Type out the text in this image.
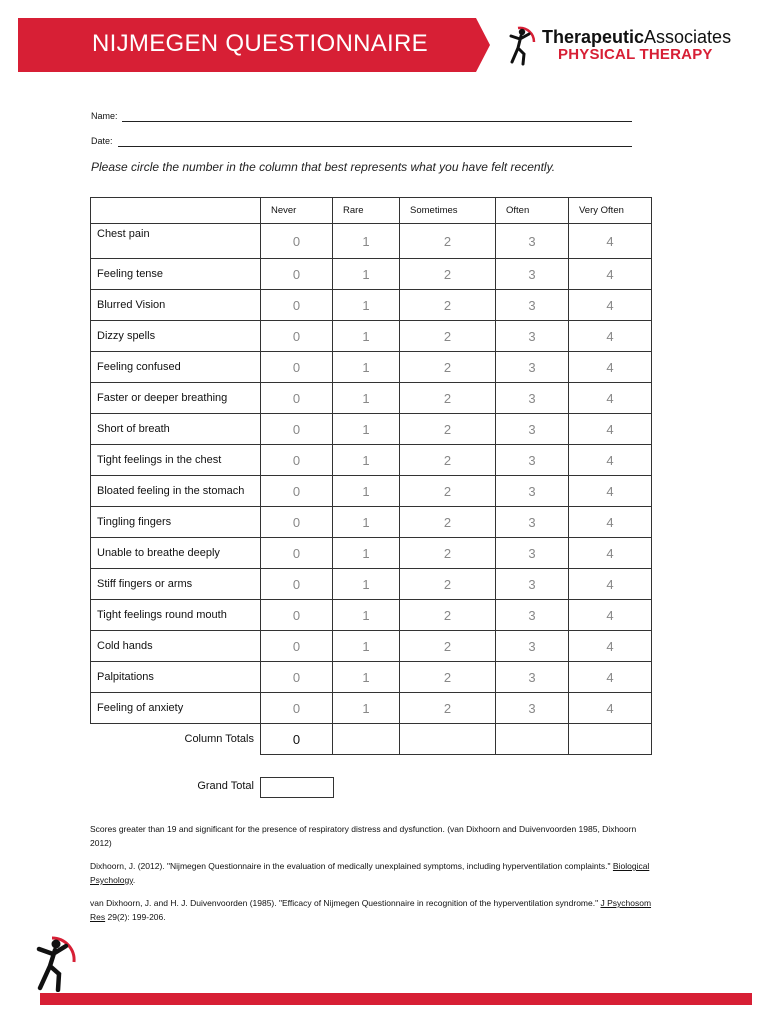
NIJMEGEN QUESTIONNAIRE	TherapeuticAssociates
PHYSICAL THERAPY
Name:
Date:
Please circle the number in the column that best represents what you have felt recently.
	Never	Rare	Sometimes	Often	Very Often
Chest pain	0	1	2	3	4
Feeling tense	0	1	2	3	4
Blurred Vision	0	1	2	3	4
Dizzy spells	0	1	2	3	4
Feeling confused	0	1	2	3	4
Faster or deeper breathing	0	1	2	3	4
Short of breath	0	1	2	3	4
Tight feelings in the chest	0	1	2	3	4
Bloated feeling in the stomach	0	1	2	3	4
Tingling fingers	0	1	2	3	4
Unable to breathe deeply	0	1	2	3	4
Stiff fingers or arms	0	1	2	3	4
Tight feelings round mouth	0	1	2	3	4
Cold hands	0	1	2	3	4
Palpitations	0	1	2	3	4
Feeling of anxiety	0	1	2	3	4
Column Totals	0				
Grand Total

Scores greater than 19 and significant for the presence of respiratory distress and dysfunction. (van Dixhoorn and Duivenvoorden 1985, Dixhoorn 2012)

Dixhoorn, J. (2012). "Nijmegen Questionnaire in the evaluation of medically unexplained symptoms, including hyperventilation complaints." Biological Psychology.

van Dixhoorn, J. and H. J. Duivenvoorden (1985). "Efficacy of Nijmegen Questionnaire in recognition of the hyperventilation syndrome." J Psychosom Res 29(2): 199-206.
